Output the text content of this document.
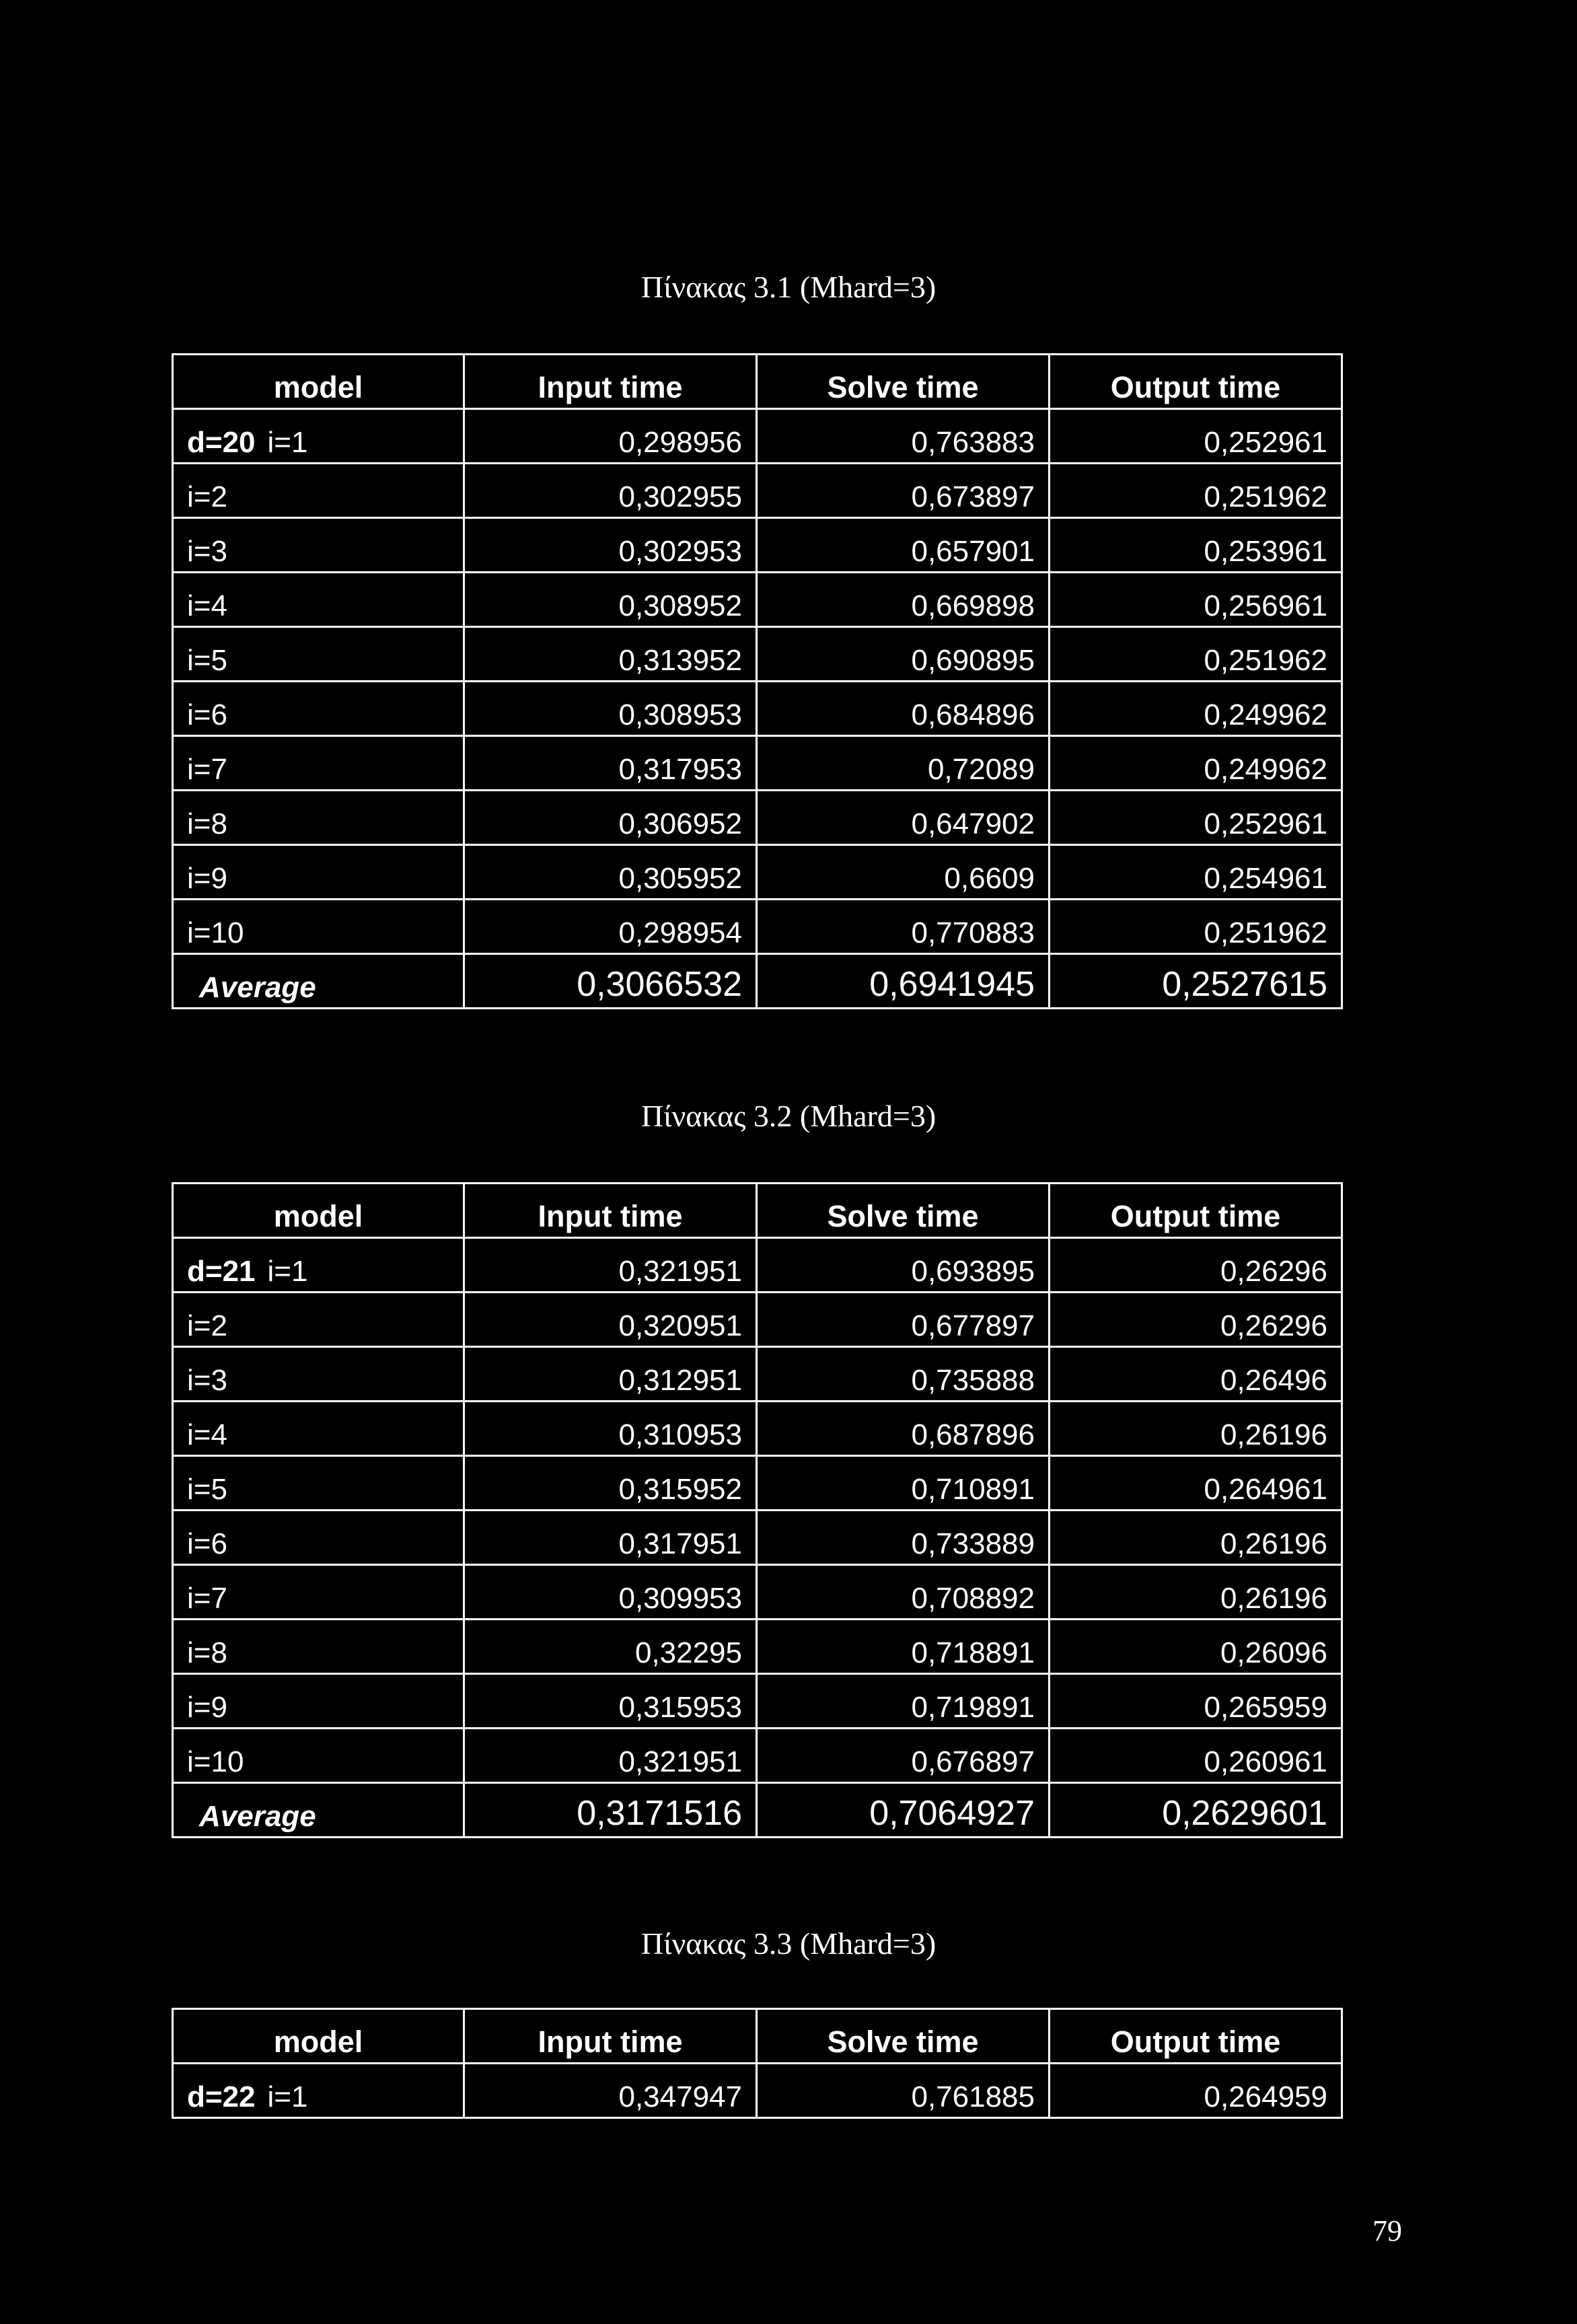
Πίνακας 3.1 (Mhard=3)
model	Input time	Solve time	Output time
d=20 i=1	0,298956	0,763883	0,252961
i=2	0,302955	0,673897	0,251962
i=3	0,302953	0,657901	0,253961
i=4	0,308952	0,669898	0,256961
i=5	0,313952	0,690895	0,251962
i=6	0,308953	0,684896	0,249962
i=7	0,317953	0,72089	0,249962
i=8	0,306952	0,647902	0,252961
i=9	0,305952	0,6609	0,254961
i=10	0,298954	0,770883	0,251962
Average	0,3066532	0,6941945	0,2527615
Πίνακας 3.2 (Mhard=3)
model	Input time	Solve time	Output time
d=21 i=1	0,321951	0,693895	0,26296
i=2	0,320951	0,677897	0,26296
i=3	0,312951	0,735888	0,26496
i=4	0,310953	0,687896	0,26196
i=5	0,315952	0,710891	0,264961
i=6	0,317951	0,733889	0,26196
i=7	0,309953	0,708892	0,26196
i=8	0,32295	0,718891	0,26096
i=9	0,315953	0,719891	0,265959
i=10	0,321951	0,676897	0,260961
Average	0,3171516	0,7064927	0,2629601
Πίνακας 3.3 (Mhard=3)
model	Input time	Solve time	Output time
d=22 i=1	0,347947	0,761885	0,264959
79
